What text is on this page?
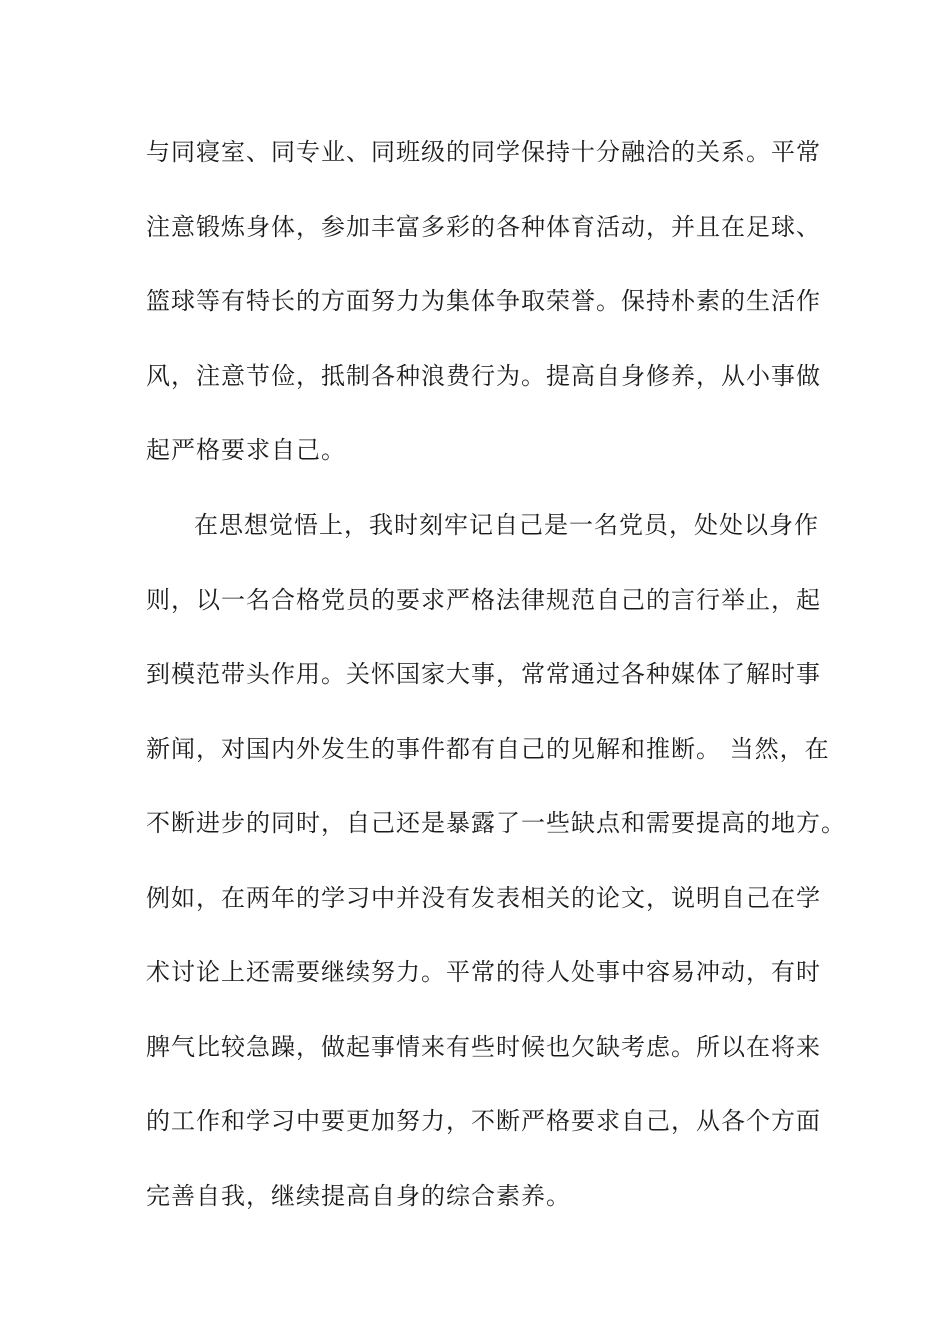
与同寝室、同专业、同班级的同学保持十分融洽的关系。平常
注意锻炼身体，参加丰富多彩的各种体育活动，并且在足球、
篮球等有特长的方面努力为集体争取荣誉。保持朴素的生活作
风，注意节俭，抵制各种浪费行为。提高自身修养，从小事做
起严格要求自己。
在思想觉悟上，我时刻牢记自己是一名党员，处处以身作
则，以一名合格党员的要求严格法律规范自己的言行举止，起
到模范带头作用。关怀国家大事，常常通过各种媒体了解时事
新闻，对国内外发生的事件都有自己的见解和推断。 当然，在
不断进步的同时，自己还是暴露了一些缺点和需要提高的地方。
例如，在两年的学习中并没有发表相关的论文，说明自己在学
术讨论上还需要继续努力。平常的待人处事中容易冲动，有时
脾气比较急躁，做起事情来有些时候也欠缺考虑。所以在将来
的工作和学习中要更加努力，不断严格要求自己，从各个方面
完善自我，继续提高自身的综合素养。
